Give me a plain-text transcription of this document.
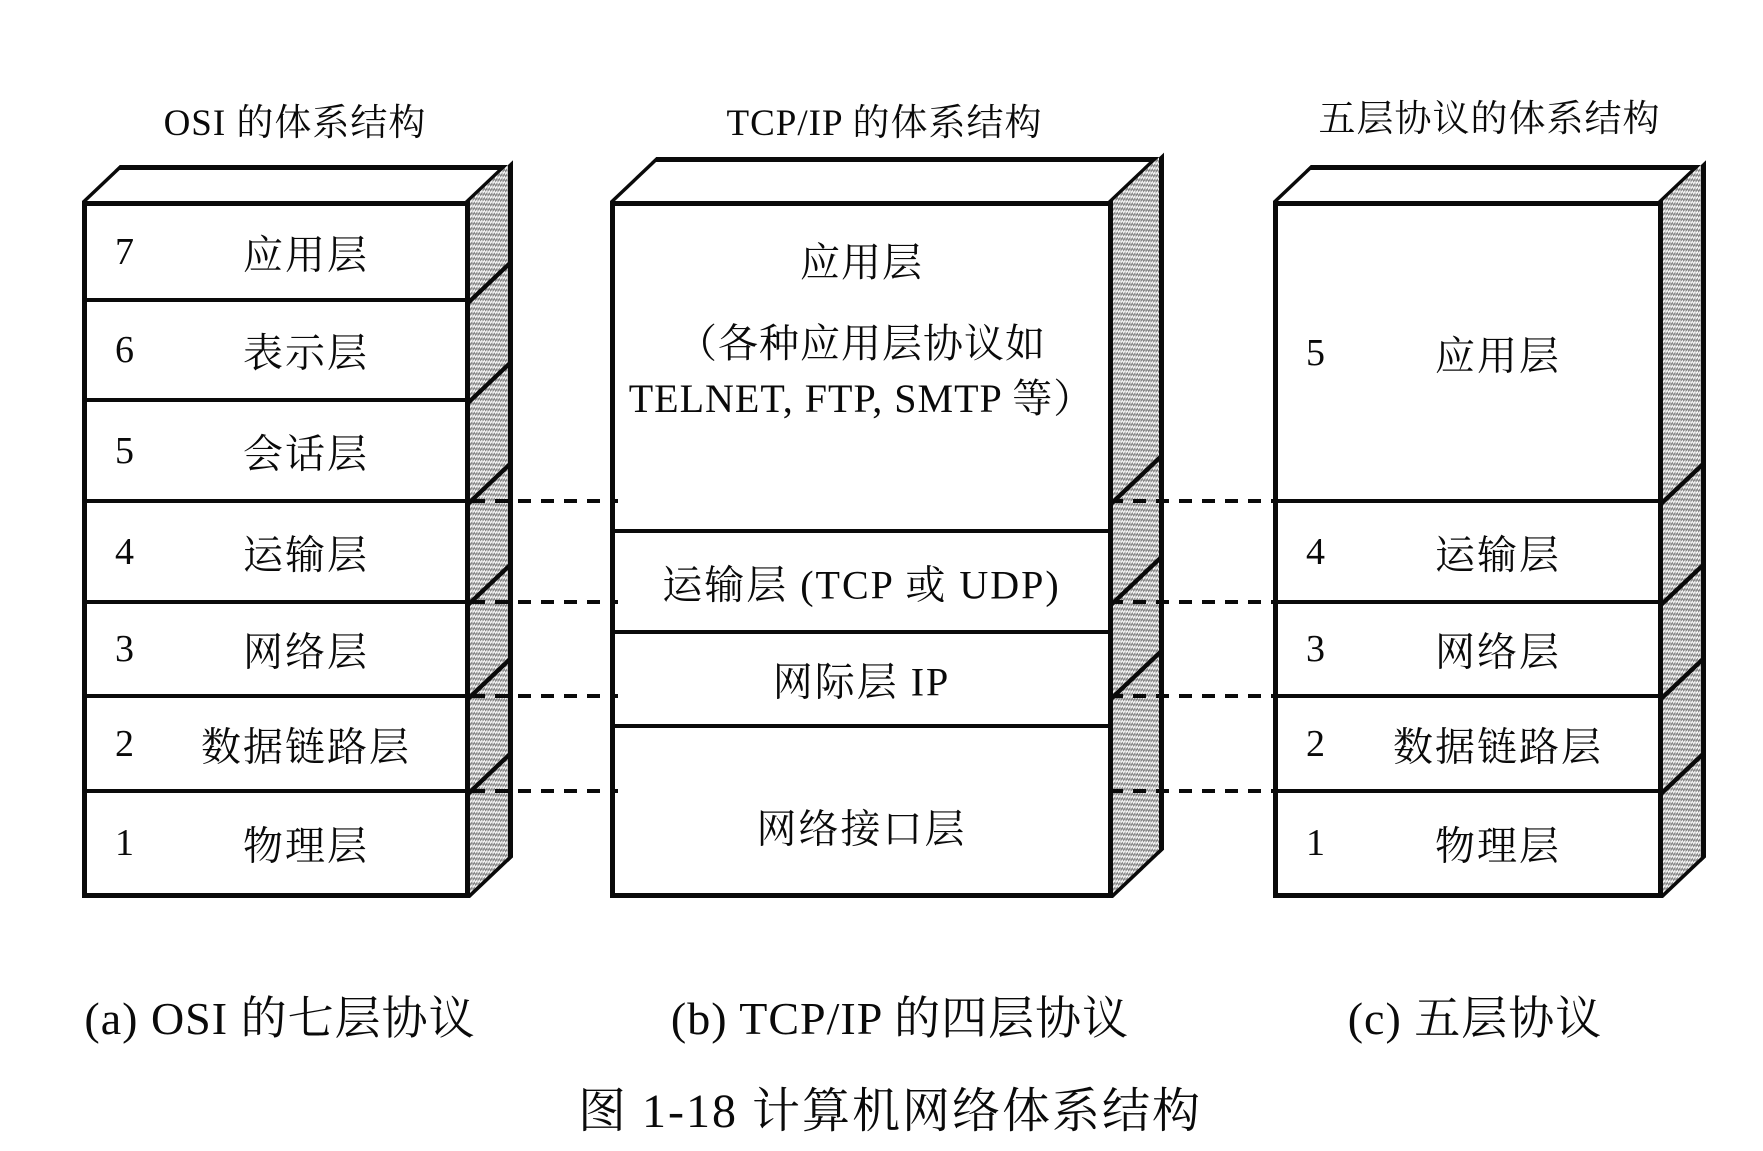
OSI 的体系结构	TCP/IP 的体系结构	五层协议的体系结构
7	应用层
6	表示层
5	会话层
4	运输层
3	网络层
2	数据链路层
1	物理层
应用层
（各种应用层协议如
TELNET, FTP, SMTP 等）
运输层 (TCP 或 UDP)
网际层 IP
网络接口层
5	应用层
4	运输层
3	网络层
2	数据链路层
1	物理层
(a) OSI 的七层协议	(b) TCP/IP 的四层协议	(c) 五层协议
图 1-18 计算机网络体系结构
